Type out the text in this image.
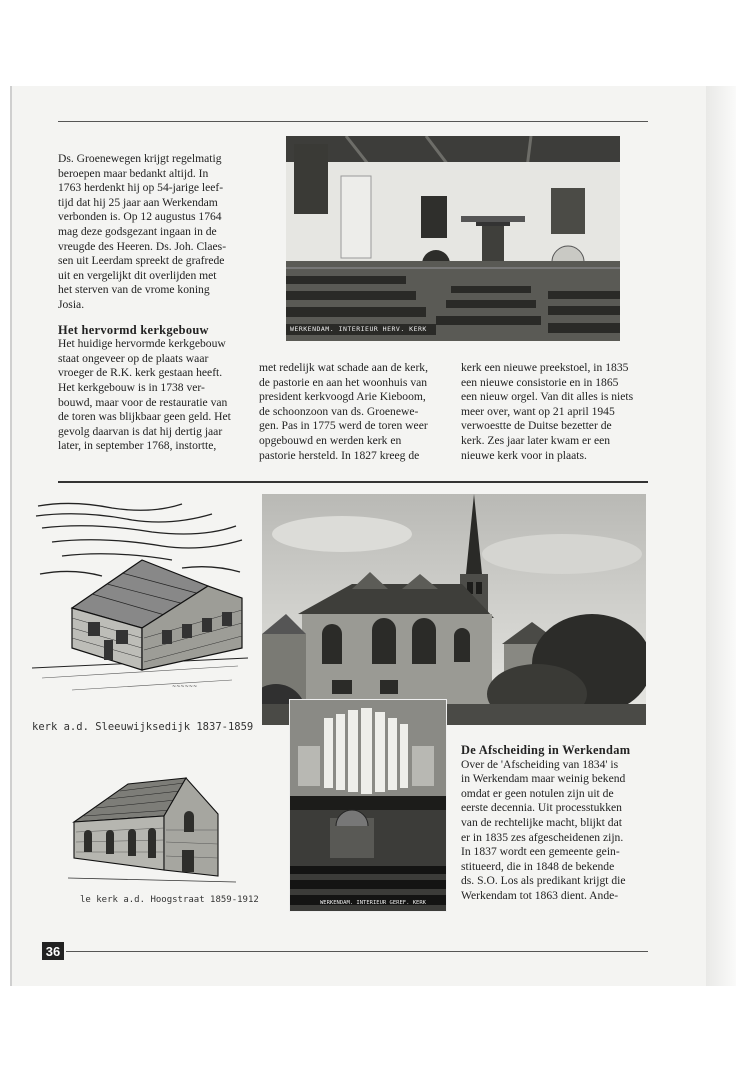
Ds. Groenewegen krijgt regelmatig

beroepen maar bedankt altijd. In

1763 herdenkt hij op 54-jarige leef-

tijd dat hij 25 jaar aan Werkendam

verbonden is. Op 12 augustus 1764

mag deze godsgezant ingaan in de

vreugde des Heeren. Ds. Joh. Claes-

sen uit Leerdam spreekt de grafrede

uit en vergelijkt dit overlijden met

het sterven van de vrome koning

Josia.

Het hervormd kerkgebouw

Het huidige hervormde kerkgebouw

staat ongeveer op de plaats waar

vroeger de R.K. kerk gestaan heeft.

Het kerkgebouw is in 1738 ver-

bouwd, maar voor de restauratie van

de toren was blijkbaar geen geld. Het

gevolg daarvan is dat hij dertig jaar

later, in september 1768, instortte,

met redelijk wat schade aan de kerk,

de pastorie en aan het woonhuis van

president kerkvoogd Arie Kieboom,

de schoonzoon van ds. Groenewe-

gen. Pas in 1775 werd de toren weer

opgebouwd en werden kerk en

pastorie hersteld. In 1827 kreeg de

kerk een nieuwe preekstoel, in 1835

een nieuwe consistorie en in 1865

een nieuw orgel. Van dit alles is niets

meer over, want op 21 april 1945

verwoestte de Duitse bezetter de

kerk. Zes jaar later kwam er een

nieuwe kerk voor in plaats.

WERKENDAM. INTERIEUR HERV. KERK
~~~~~~
kerk a.d. Sleeuwijksedijk 1837-1859
le kerk a.d. Hoogstraat 1859-1912	WERKENDAM. INTERIEUR GEREF. KERK

De Afscheiding in Werkendam

Over de 'Afscheiding van 1834' is

in Werkendam maar weinig bekend

omdat er geen notulen zijn uit de

eerste decennia. Uit processtukken

van de rechtelijke macht, blijkt dat

er in 1835 zes afgescheidenen zijn.

In 1837 wordt een gemeente gein-

stitueerd, die in 1848 de bekende

ds. S.O. Los als predikant krijgt die

Werkendam tot 1863 dient. Ande-

36
